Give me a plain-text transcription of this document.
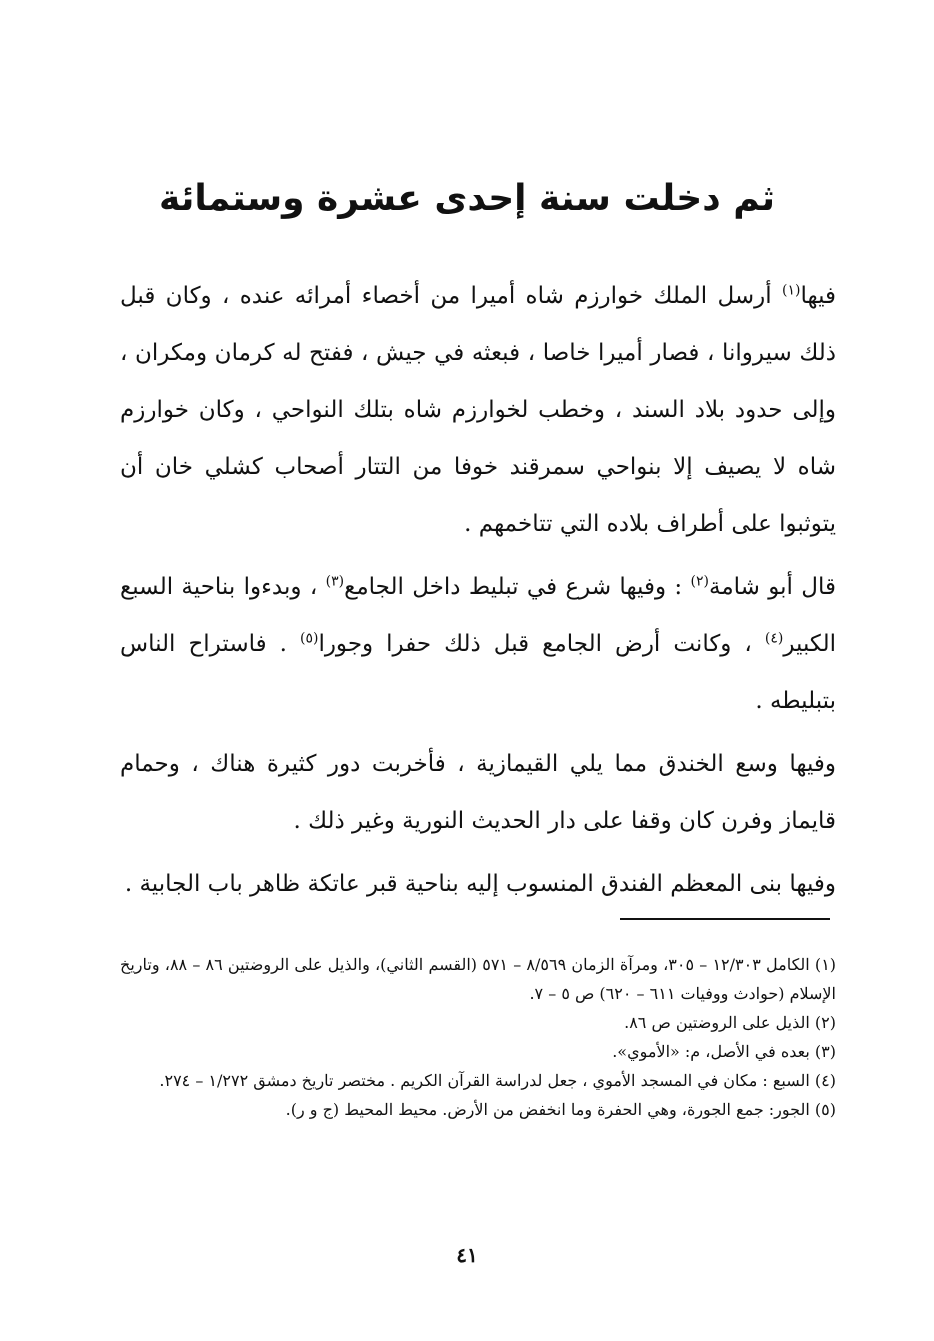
ثم دخلت سنة إحدى عشرة وستمائة

فيها$^{(١)}$ أرسل الملك خوارزم شاه أميرا من أخصاء أمرائه عنده ، وكان قبل ذلك سيروانا ، فصار أميرا خاصا ، فبعثه في جيش ، ففتح له كرمان ومكران ، وإلى حدود بلاد السند ، وخطب لخوارزم شاه بتلك النواحي ، وكان خوارزم شاه لا يصيف إلا بنواحي سمرقند خوفا من التتار أصحاب كشلي خان أن يتوثبوا على أطراف بلاده التي تتاخمهم .

قال أبو شامة$^{(٢)}$ : وفيها شرع في تبليط داخل الجامع$^{(٣)}$ ، وبدءوا بناحية السبع الكبير$^{(٤)}$ ، وكانت أرض الجامع قبل ذلك حفرا وجورا$^{(٥)}$ . فاستراح الناس بتبليطه .

وفيها وسع الخندق مما يلي القيمازية ، فأخربت دور كثيرة هناك ، وحمام قايماز وفرن كان وقفا على دار الحديث النورية وغير ذلك .

وفيها بنى المعظم الفندق المنسوب إليه بناحية قبر عاتكة ظاهر باب الجابية .

(١) الكامل ١٢/٣٠٣ – ٣٠٥، ومرآة الزمان ٨/٥٦٩ – ٥٧١ (القسم الثاني)، والذيل على الروضتين ٨٦ – ٨٨، وتاريخ الإسلام (حوادث ووفيات ٦١١ – ٦٢٠) ص ٥ – ٧.

(٢) الذيل على الروضتين ص ٨٦.

(٣) بعده في الأصل، م: «الأموي».

(٤) السبع : مكان في المسجد الأموي ، جعل لدراسة القرآن الكريم . مختصر تاريخ دمشق ١/٢٧٢ – ٢٧٤.

(٥) الجور: جمع الجورة، وهي الحفرة وما انخفض من الأرض. محيط المحيط (ج و ر).

٤١
